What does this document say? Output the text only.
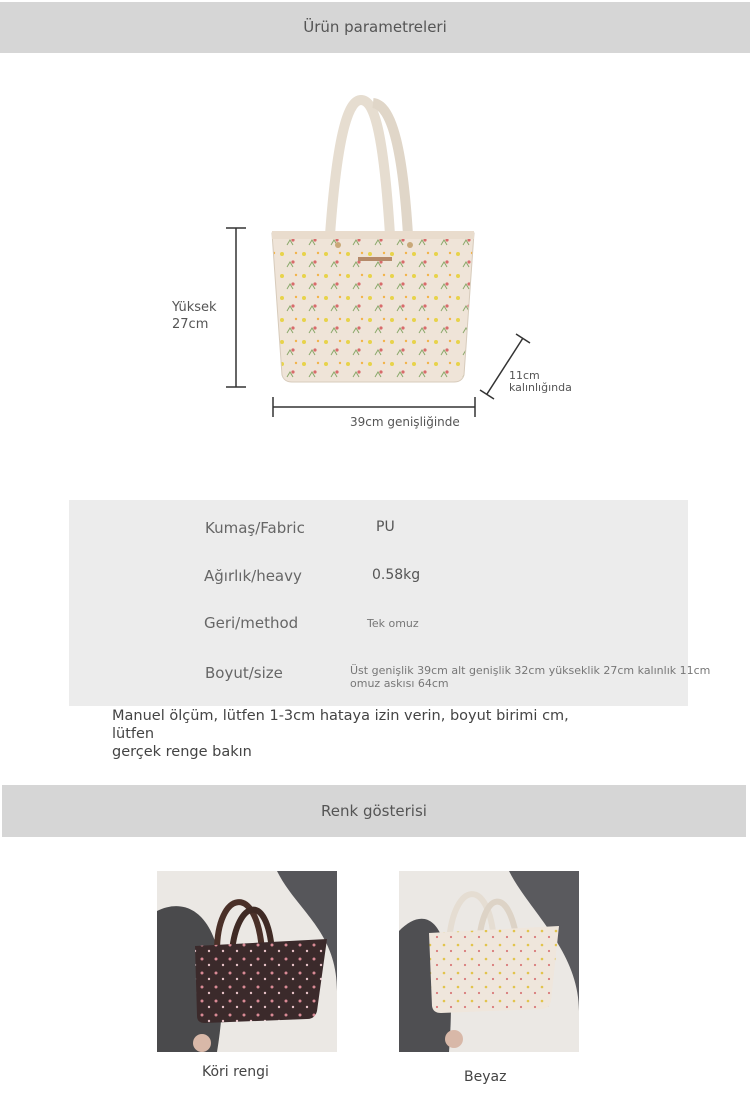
Ürün parametreleri
Yüksek
27cm
39cm genişliğinde
11cm
kalınlığında
Kumaş/Fabric	PU
Ağırlık/heavy	0.58kg
Geri/method	Tek omuz
Boyut/size	Üst genişlik 39cm alt genişlik 32cm yükseklik 27cm kalınlık 11cm
omuz askısı 64cm
Manuel ölçüm, lütfen 1-3cm hataya izin verin, boyut birimi cm, lütfen
gerçek renge bakın
Renk gösterisi
Köri rengi	Beyaz
